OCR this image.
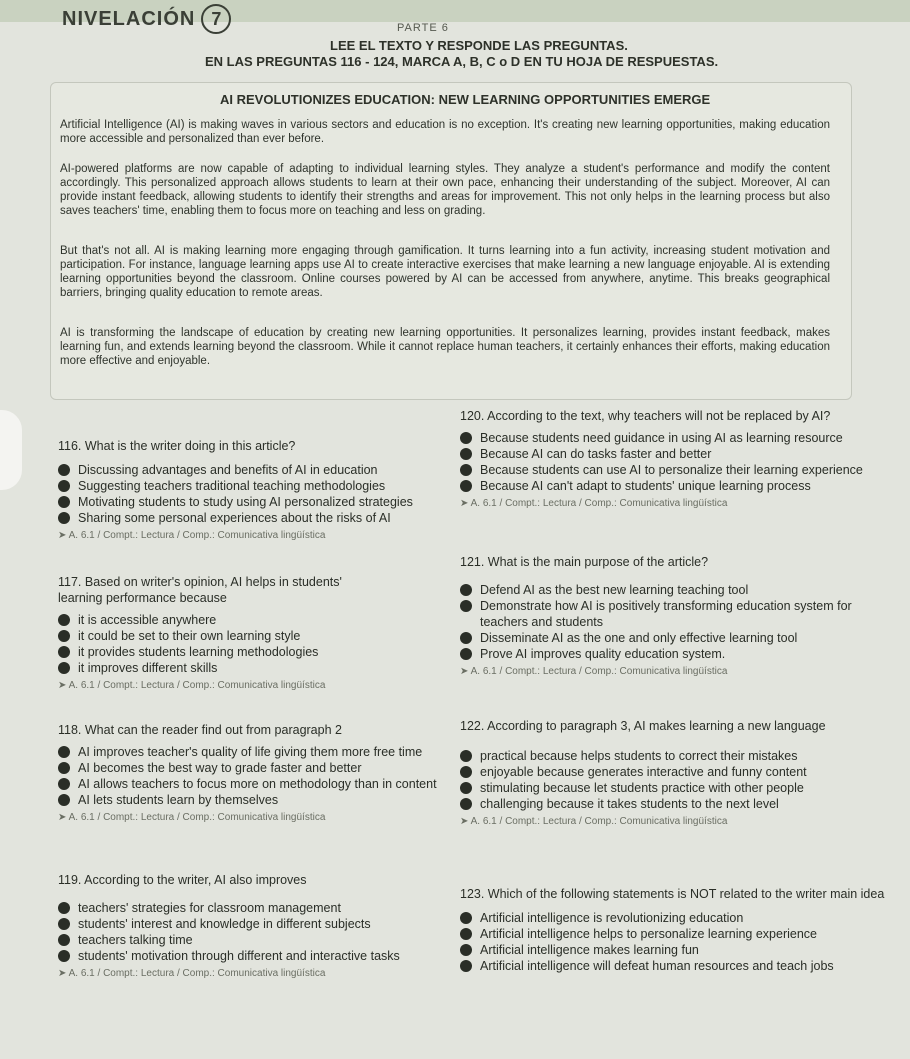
NIVELACIÓN 7	PARTE 6
LEE EL TEXTO Y RESPONDE LAS PREGUNTAS.
EN LAS PREGUNTAS 116 - 124, MARCA A, B, C o D EN TU HOJA DE RESPUESTAS.
AI REVOLUTIONIZES EDUCATION: NEW LEARNING OPPORTUNITIES EMERGE
Artificial Intelligence (AI) is making waves in various sectors and education is no exception. It's creating new learning opportunities, making education more accessible and personalized than ever before.
AI-powered platforms are now capable of adapting to individual learning styles. They analyze a student's performance and modify the content accordingly. This personalized approach allows students to learn at their own pace, enhancing their understanding of the subject. Moreover, AI can provide instant feedback, allowing students to identify their strengths and areas for improvement. This not only helps in the learning process but also saves teachers' time, enabling them to focus more on teaching and less on grading.
But that's not all. AI is making learning more engaging through gamification. It turns learning into a fun activity, increasing student motivation and participation. For instance, language learning apps use AI to create interactive exercises that make learning a new language enjoyable. AI is extending learning opportunities beyond the classroom. Online courses powered by AI can be accessed from anywhere, anytime. This breaks geographical barriers, bringing quality education to remote areas.
AI is transforming the landscape of education by creating new learning opportunities. It personalizes learning, provides instant feedback, makes learning fun, and extends learning beyond the classroom. While it cannot replace human teachers, it certainly enhances their efforts, making education more effective and enjoyable.
116. What is the writer doing in this article?
Discussing advantages and benefits of AI in education
Suggesting teachers traditional teaching methodologies
Motivating students to study using AI personalized strategies
Sharing some personal experiences about the risks of AI
➤ A. 6.1 / Compt.: Lectura / Comp.: Comunicativa lingüística
117. Based on writer's opinion, AI helps in students' learning performance because
it is accessible anywhere
it could be set to their own learning style
it provides students learning methodologies
it improves different skills
➤ A. 6.1 / Compt.: Lectura / Comp.: Comunicativa lingüística
118. What can the reader find out from paragraph 2
AI improves teacher's quality of life giving them more free time
AI becomes the best way to grade faster and better
AI allows teachers to focus more on methodology than in content
AI lets students learn by themselves
➤ A. 6.1 / Compt.: Lectura / Comp.: Comunicativa lingüística
119. According to the writer, AI also improves
teachers' strategies for classroom management
students' interest and knowledge in different subjects
teachers talking time
students' motivation through different and interactive tasks
➤ A. 6.1 / Compt.: Lectura / Comp.: Comunicativa lingüística
120. According to the text, why teachers will not be replaced by AI?
Because students need guidance in using AI as learning resource
Because AI can do tasks faster and better
Because students can use AI to personalize their learning experience
Because AI can't adapt to students' unique learning process
➤ A. 6.1 / Compt.: Lectura / Comp.: Comunicativa lingüística
121. What is the main purpose of the article?
Defend AI as the best new learning teaching tool
Demonstrate how AI is positively transforming education system for teachers and students
Disseminate AI as the one and only effective learning tool
Prove AI improves quality education system.
➤ A. 6.1 / Compt.: Lectura / Comp.: Comunicativa lingüística
122. According to paragraph 3, AI makes learning a new language
practical because helps students to correct their mistakes
enjoyable because generates interactive and funny content
stimulating because let students practice with other people
challenging because it takes students to the next level
➤ A. 6.1 / Compt.: Lectura / Comp.: Comunicativa lingüística
123. Which of the following statements is NOT related to the writer main idea
Artificial intelligence is revolutionizing education
Artificial intelligence helps to personalize learning experience
Artificial intelligence makes learning fun
Artificial intelligence will defeat human resources and teach jobs
